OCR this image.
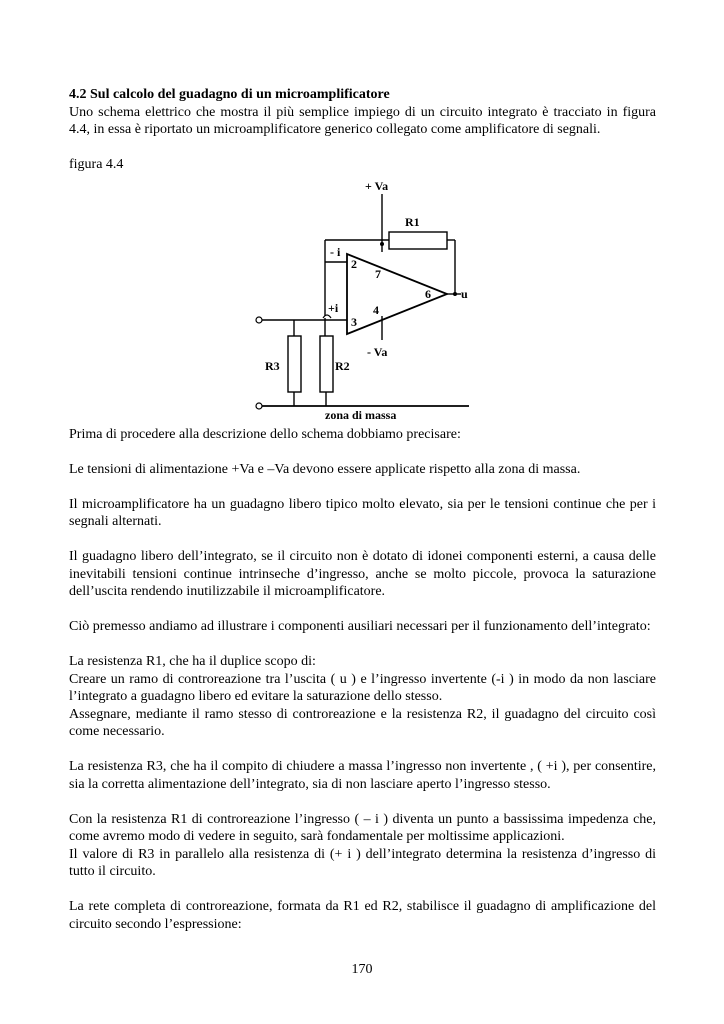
4.2 Sul calcolo del guadagno di un microamplificatore

Uno schema elettrico che mostra il più semplice impiego di un circuito integrato è tracciato in figura 4.4, in essa è riportato un microamplificatore generico collegato come amplificatore di segnali.

figura 4.4

+ Va
R1
- i
2
7
6	u
+i	4
3
- Va
R3	R2
zona di massa

Prima di procedere alla descrizione dello schema dobbiamo precisare:

Le tensioni di alimentazione +Va e –Va devono essere applicate rispetto alla zona di massa.

Il microamplificatore ha un guadagno libero tipico molto elevato, sia per le tensioni continue che per i segnali alternati.

Il guadagno libero dell’integrato, se il circuito non è dotato di idonei componenti esterni, a causa delle inevitabili tensioni continue intrinseche d’ingresso, anche se molto piccole, provoca la saturazione dell’uscita rendendo inutilizzabile il microamplificatore.

Ciò premesso andiamo ad illustrare i componenti ausiliari necessari per il funzionamento dell’integrato:

La resistenza R1, che ha il duplice scopo di:

Creare un ramo di controreazione tra l’uscita ( u ) e l’ingresso invertente (-i ) in modo da non lasciare l’integrato a guadagno libero ed evitare la saturazione dello stesso.

Assegnare, mediante il ramo stesso di controreazione e la resistenza R2, il guadagno del circuito così come necessario.

La resistenza R3, che ha il compito di chiudere a massa l’ingresso non invertente , ( +i ), per consentire, sia la corretta alimentazione dell’integrato, sia di non lasciare aperto l’ingresso stesso.

Con la resistenza R1 di controreazione l’ingresso ( – i ) diventa un punto a bassissima impedenza che, come avremo modo di vedere in seguito, sarà fondamentale per moltissime applicazioni.

Il valore di R3 in parallelo alla resistenza di (+ i ) dell’integrato determina la resistenza d’ingresso di tutto il circuito.

La rete completa di controreazione, formata da R1 ed R2, stabilisce il guadagno di amplificazione del circuito secondo l’espressione:

170
